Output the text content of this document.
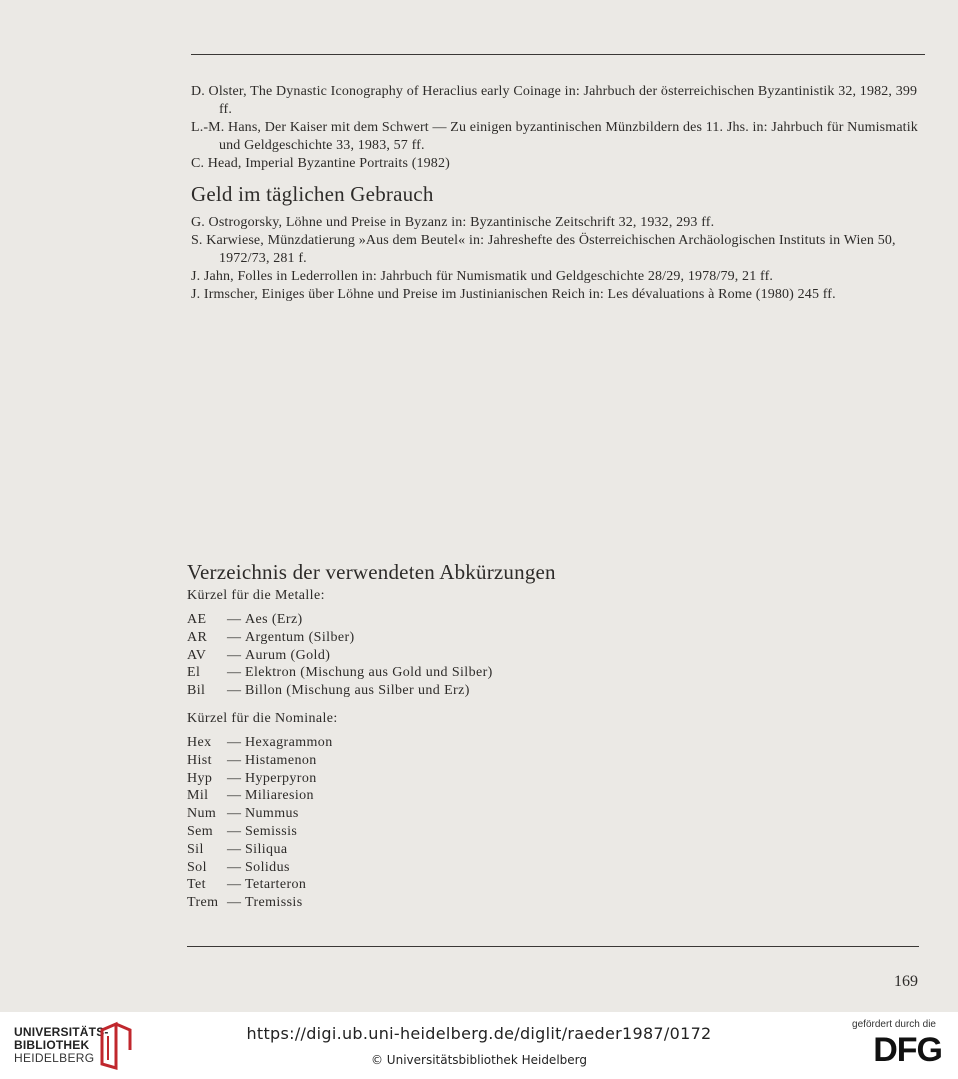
D. Olster, The Dynastic Iconography of Heraclius early Coinage in: Jahrbuch der österreichischen Byzantinistik 32, 1982, 399 ff.

L.-M. Hans, Der Kaiser mit dem Schwert — Zu einigen byzantinischen Münzbildern des 11. Jhs. in: Jahrbuch für Numismatik und Geldgeschichte 33, 1983, 57 ff.

C. Head, Imperial Byzantine Portraits (1982)

Geld im täglichen Gebrauch

G. Ostrogorsky, Löhne und Preise in Byzanz in: Byzantinische Zeitschrift 32, 1932, 293 ff.

S. Karwiese, Münzdatierung »Aus dem Beutel« in: Jahreshefte des Österreichischen Archäologischen Instituts in Wien 50, 1972/73, 281 f.

J. Jahn, Folles in Lederrollen in: Jahrbuch für Numismatik und Geldgeschichte 28/29, 1978/79, 21 ff.

J. Irmscher, Einiges über Löhne und Preise im Justinianischen Reich in: Les dévaluations à Rome (1980) 245 ff.

Verzeichnis der verwendeten Abkürzungen
Kürzel für die Metalle:
AE — Aes (Erz)
AR — Argentum (Silber)
AV — Aurum (Gold)
El — Elektron (Mischung aus Gold und Silber)
Bil — Billon (Mischung aus Silber und Erz)
Kürzel für die Nominale:
Hex — Hexagrammon
Hist — Histamenon
Hyp — Hyperpyron
Mil — Miliaresion
Num — Nummus
Sem — Semissis
Sil — Siliqua
Sol — Solidus
Tet — Tetarteron
Trem — Tremissis
169
UNIVERSITÄTS-
BIBLIOTHEK
HEIDELBERG
https://digi.ub.uni-heidelberg.de/diglit/raeder1987/0172
© Universitätsbibliothek Heidelberg
gefördert durch die
DFG
